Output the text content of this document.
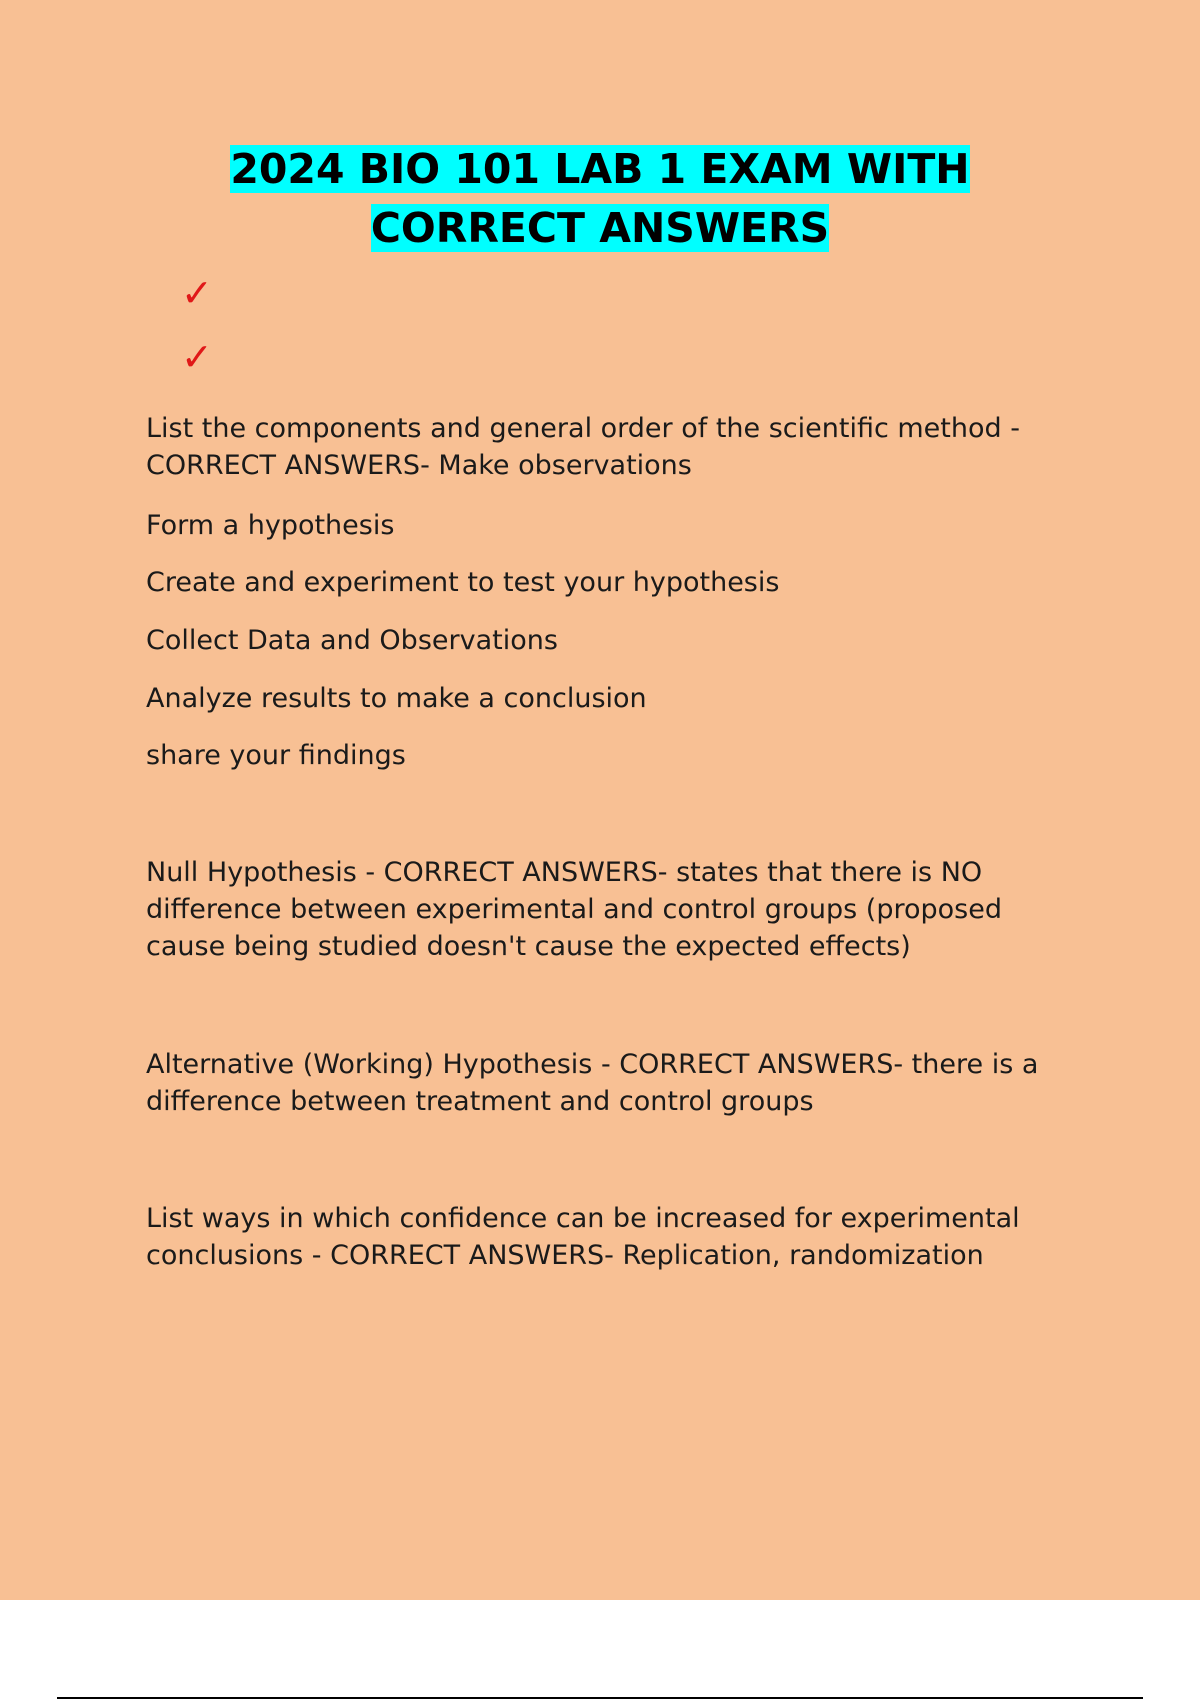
2024 BIO 101 LAB 1 EXAM WITH
CORRECT ANSWERS
✓
✓

List the components and general order of the scientific method - CORRECT ANSWERS- Make observations

Form a hypothesis

Create and experiment to test your hypothesis

Collect Data and Observations

Analyze results to make a conclusion

share your findings

Null Hypothesis - CORRECT ANSWERS- states that there is NO difference between experimental and control groups (proposed cause being studied doesn't cause the expected effects)

Alternative (Working) Hypothesis - CORRECT ANSWERS- there is a difference between treatment and control groups

List ways in which confidence can be increased for experimental conclusions - CORRECT ANSWERS- Replication, randomization
